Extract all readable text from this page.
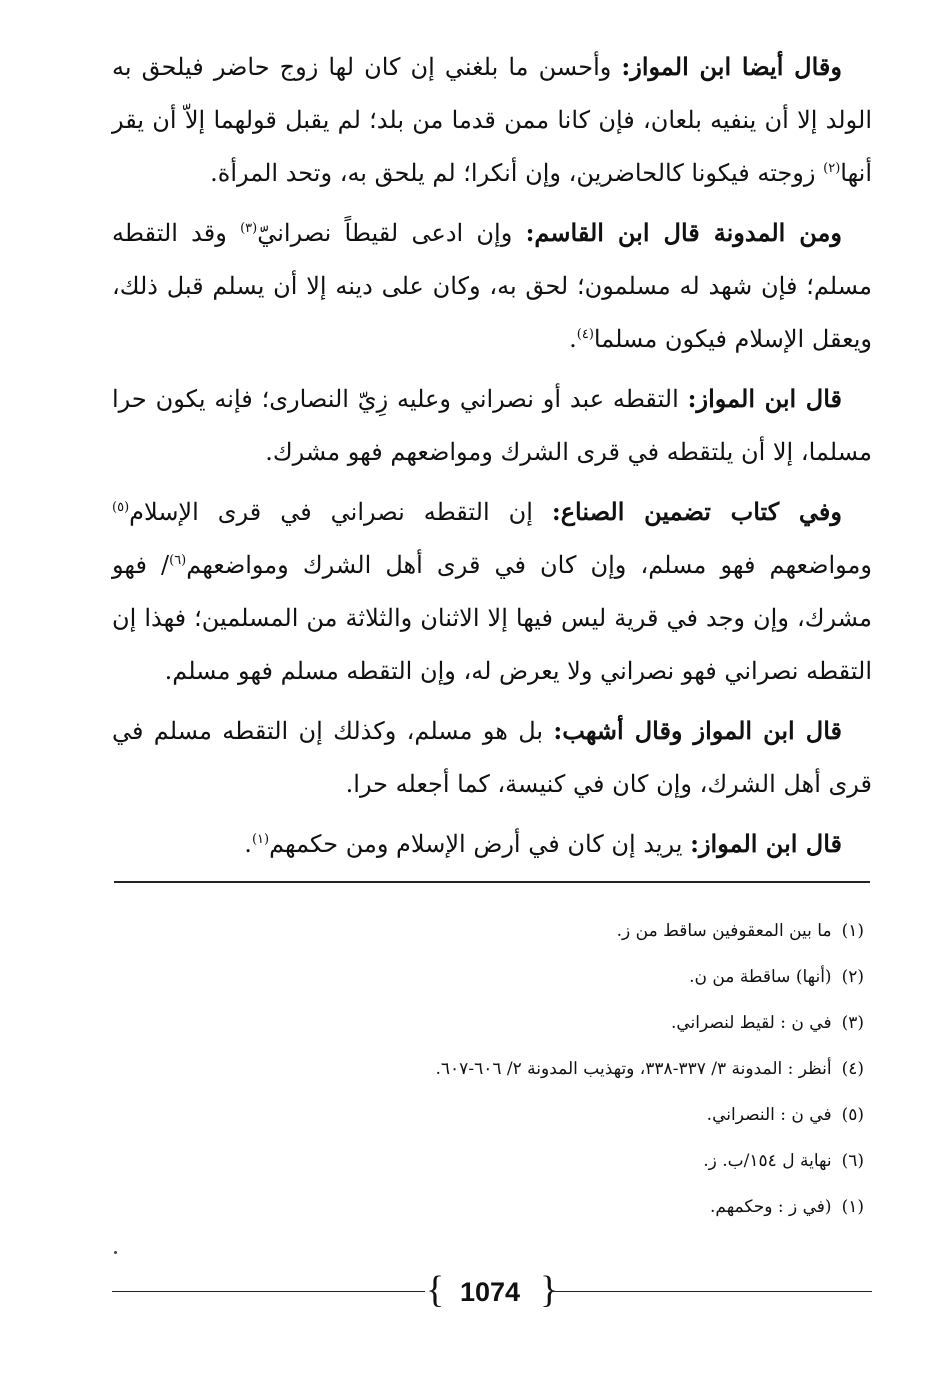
وقال أيضا ابن المواز: وأحسن ما بلغني إن كان لها زوج حاضر فيلحق به الولد إلا أن ينفيه بلعان، فإن كانا ممن قدما من بلد؛ لم يقبل قولهما إلاّ أن يقر أنها$^{(٢)}$ زوجته فيكونا كالحاضرين، وإن أنكرا؛ لم يلحق به، وتحد المرأة.

ومن المدونة قال ابن القاسم: وإن ادعى لقيطاً نصرانيّ$^{(٣)}$ وقد التقطه مسلم؛ فإن شهد له مسلمون؛ لحق به، وكان على دينه إلا أن يسلم قبل ذلك، ويعقل الإسلام فيكون مسلما$^{(٤)}$.

قال ابن المواز: التقطه عبد أو نصراني وعليه زِيّ النصارى؛ فإنه يكون حرا مسلما، إلا أن يلتقطه في قرى الشرك ومواضعهم فهو مشرك.

وفي كتاب تضمين الصناع: إن التقطه نصراني في قرى الإسلام$^{(٥)}$ ومواضعهم فهو مسلم، وإن كان في قرى أهل الشرك ومواضعهم$^{(٦)}$/ فهو مشرك، وإن وجد في قرية ليس فيها إلا الاثنان والثلاثة من المسلمين؛ فهذا إن التقطه نصراني فهو نصراني ولا يعرض له، وإن التقطه مسلم فهو مسلم.

قال ابن المواز وقال أشهب: بل هو مسلم، وكذلك إن التقطه مسلم في قرى أهل الشرك، وإن كان في كنيسة، كما أجعله حرا.

قال ابن المواز: يريد إن كان في أرض الإسلام ومن حكمهم$^{(١)}$.

(١)ما بين المعقوفين ساقط من ز.

(٢)(أنها) ساقطة من ن.

(٣)في ن : لقيط لنصراني.

(٤)أنظر : المدونة ٣/ ٣٣٧-٣٣٨، وتهذيب المدونة ٢/ ٦٠٦-٦٠٧.

(٥)في ن : النصراني.

(٦)نهاية ل ١٥٤/ب. ز.

(١)(في ز : وحكمهم.

{ 1074 }
